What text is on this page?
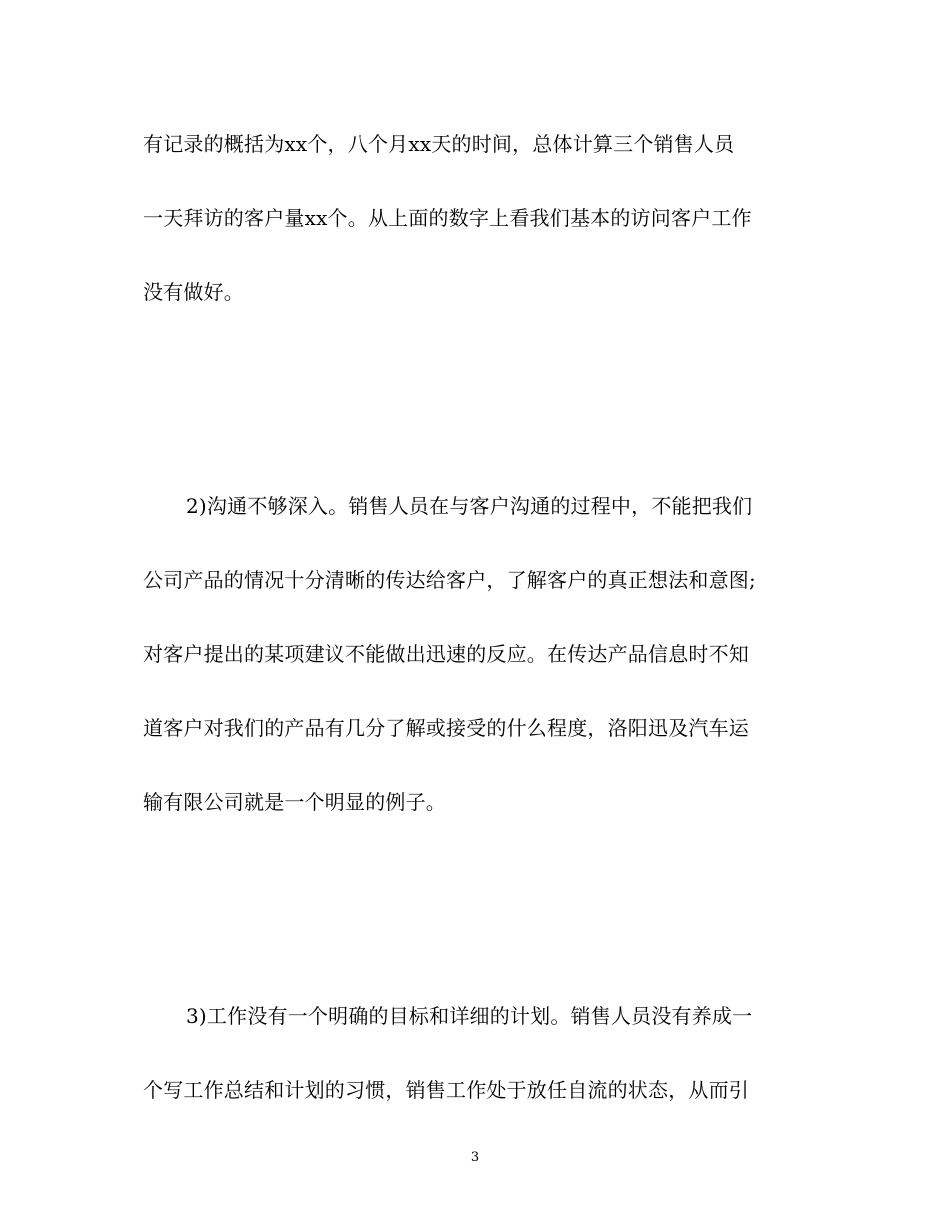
有记录的概括为xx个，八个月xx天的时间，总体计算三个销售人员
一天拜访的客户量xx个。从上面的数字上看我们基本的访问客户工作
没有做好。
2)沟通不够深入。销售人员在与客户沟通的过程中，不能把我们
公司产品的情况十分清晰的传达给客户，了解客户的真正想法和意图;
对客户提出的某项建议不能做出迅速的反应。在传达产品信息时不知
道客户对我们的产品有几分了解或接受的什么程度，洛阳迅及汽车运
输有限公司就是一个明显的例子。
3)工作没有一个明确的目标和详细的计划。销售人员没有养成一
个写工作总结和计划的习惯，销售工作处于放任自流的状态，从而引
3
